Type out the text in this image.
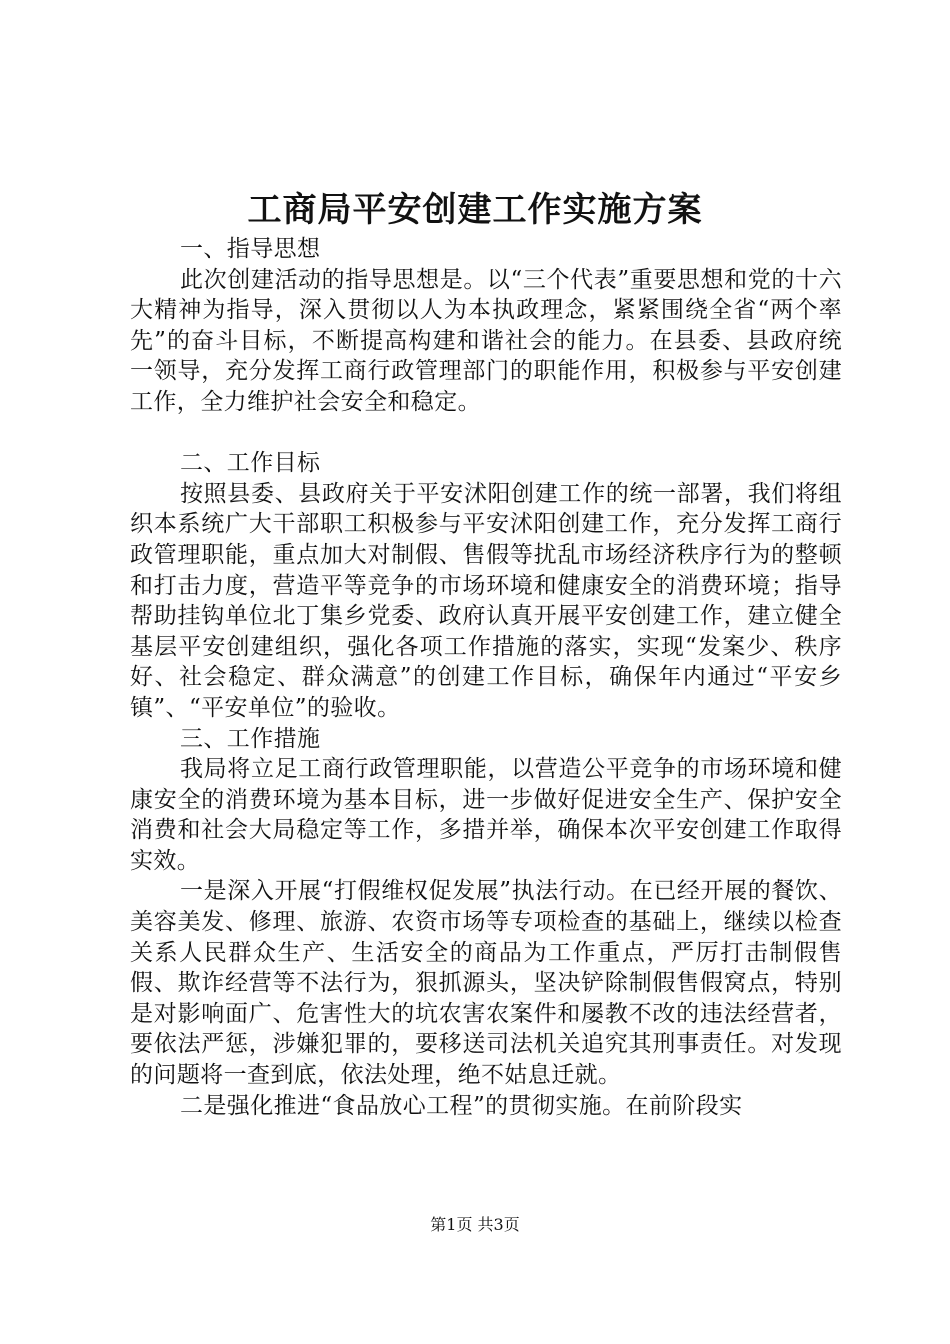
工商局平安创建工作实施方案
一、指导思想

此次创建活动的指导思想是。以“三个代表”重要思想和党的十六大精神为指导，深入贯彻以人为本执政理念，紧紧围绕全省“两个率先”的奋斗目标，不断提高构建和谐社会的能力。在县委、县政府统一领导，充分发挥工商行政管理部门的职能作用，积极参与平安创建工作，全力维护社会安全和稳定。

二、工作目标

按照县委、县政府关于平安沭阳创建工作的统一部署，我们将组织本系统广大干部职工积极参与平安沭阳创建工作，充分发挥工商行政管理职能，重点加大对制假、售假等扰乱市场经济秩序行为的整顿和打击力度，营造平等竞争的市场环境和健康安全的消费环境；指导帮助挂钩单位北丁集乡党委、政府认真开展平安创建工作，建立健全基层平安创建组织，强化各项工作措施的落实，实现“发案少、秩序好、社会稳定、群众满意”的创建工作目标，确保年内通过“平安乡镇”、“平安单位”的验收。

三、工作措施

我局将立足工商行政管理职能，以营造公平竞争的市场环境和健康安全的消费环境为基本目标，进一步做好促进安全生产、保护安全消费和社会大局稳定等工作，多措并举，确保本次平安创建工作取得实效。

一是深入开展“打假维权促发展”执法行动。在已经开展的餐饮、美容美发、修理、旅游、农资市场等专项检查的基础上，继续以检查关系人民群众生产、生活安全的商品为工作重点，严厉打击制假售假、欺诈经营等不法行为，狠抓源头，坚决铲除制假售假窝点，特别是对影响面广、危害性大的坑农害农案件和屡教不改的违法经营者，要依法严惩，涉嫌犯罪的，要移送司法机关追究其刑事责任。对发现的问题将一查到底，依法处理，绝不姑息迁就。

二是强化推进“食品放心工程”的贯彻实施。在前阶段实

第1页 共3页
